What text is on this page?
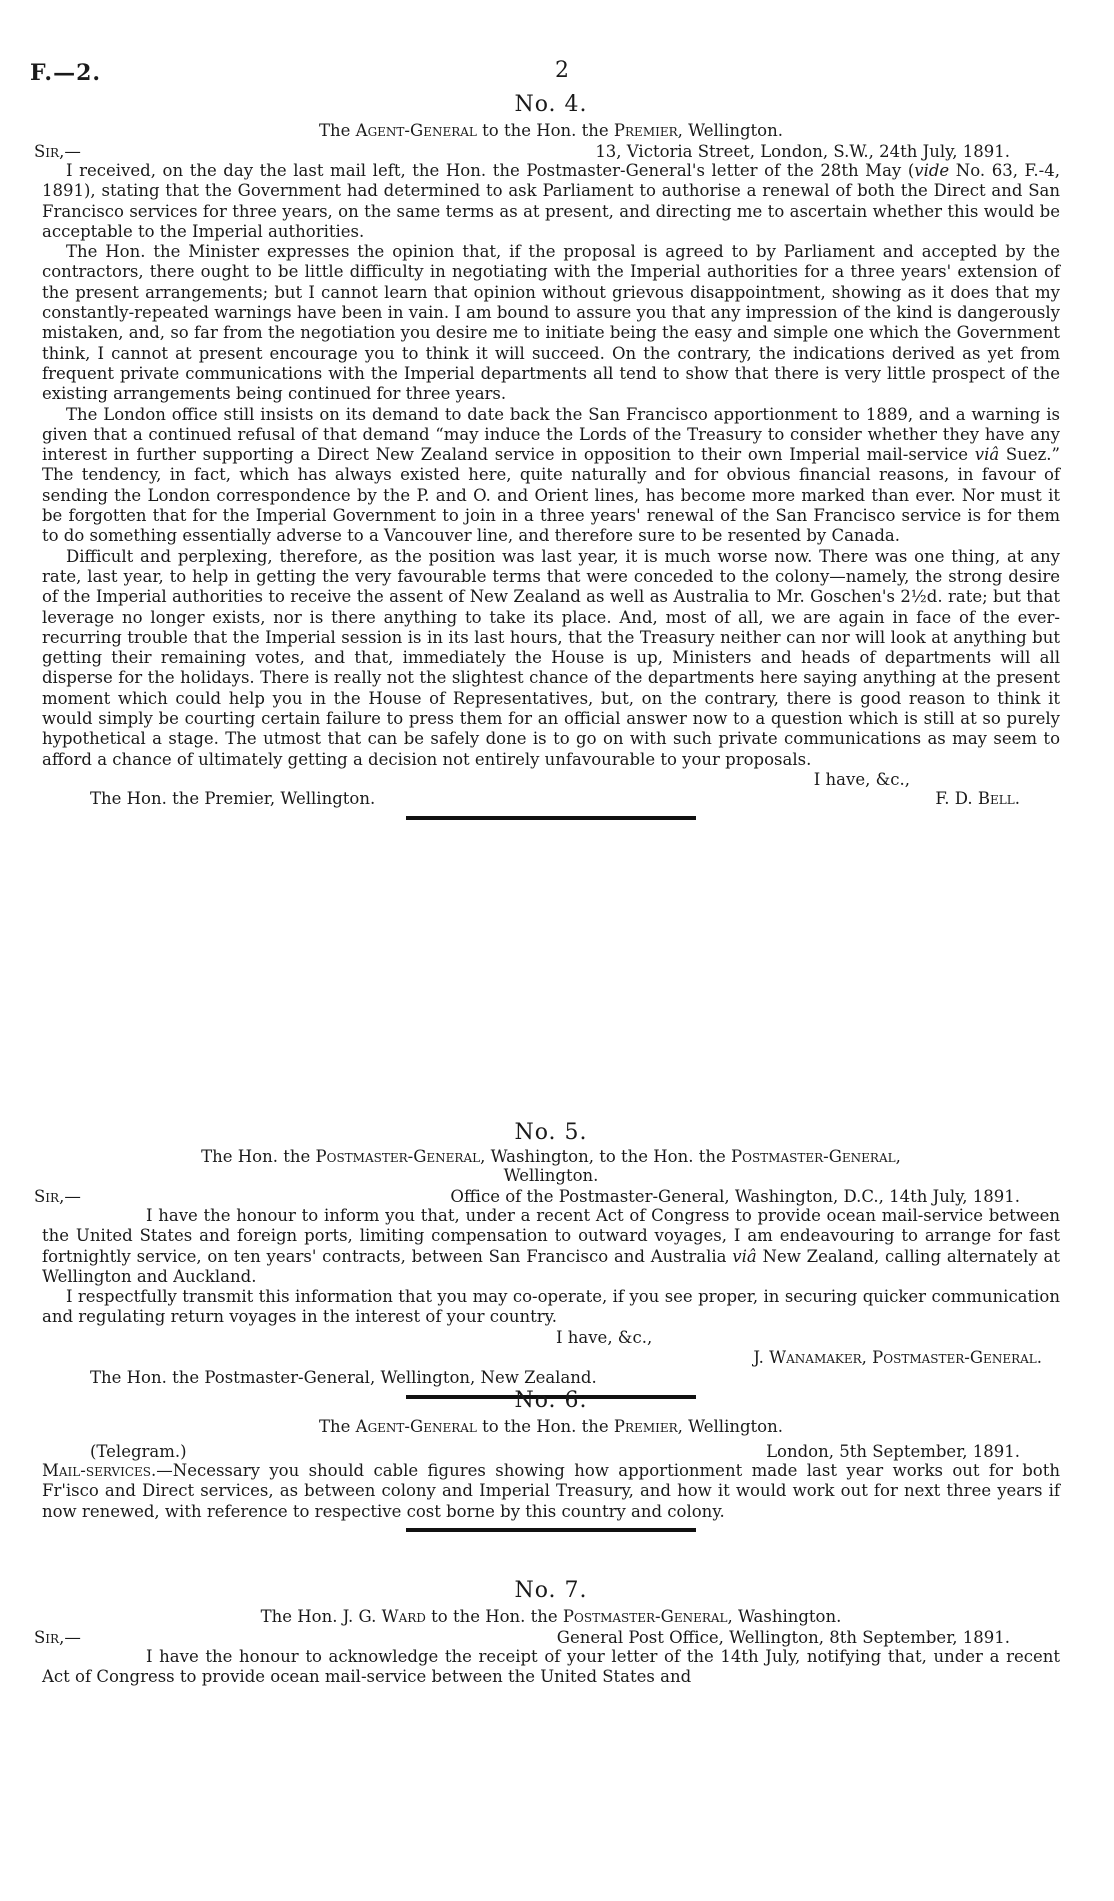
F.—2.	2
No. 4.
The Agent-General to the Hon. the Premier, Wellington.
Sir,—	13, Victoria Street, London, S.W., 24th July, 1891.

I received, on the day the last mail left, the Hon. the Postmaster-General's letter of the 28th May (vide No. 63, F.-4, 1891), stating that the Government had determined to ask Parliament to authorise a renewal of both the Direct and San Francisco services for three years, on the same terms as at present, and directing me to ascertain whether this would be acceptable to the Imperial authorities.

The Hon. the Minister expresses the opinion that, if the proposal is agreed to by Parliament and accepted by the contractors, there ought to be little difficulty in negotiating with the Imperial authorities for a three years' extension of the present arrangements; but I cannot learn that opinion without grievous disappointment, showing as it does that my constantly-repeated warnings have been in vain. I am bound to assure you that any impression of the kind is dangerously mistaken, and, so far from the negotiation you desire me to initiate being the easy and simple one which the Government think, I cannot at present encourage you to think it will succeed. On the contrary, the indications derived as yet from frequent private communications with the Imperial departments all tend to show that there is very little prospect of the existing arrangements being continued for three years.

The London office still insists on its demand to date back the San Francisco apportionment to 1889, and a warning is given that a continued refusal of that demand “may induce the Lords of the Treasury to consider whether they have any interest in further supporting a Direct New Zealand service in opposition to their own Imperial mail-service viâ Suez.” The tendency, in fact, which has always existed here, quite naturally and for obvious financial reasons, in favour of sending the London correspondence by the P. and O. and Orient lines, has become more marked than ever. Nor must it be forgotten that for the Imperial Government to join in a three years' renewal of the San Francisco service is for them to do something essentially adverse to a Vancouver line, and therefore sure to be resented by Canada.

Difficult and perplexing, therefore, as the position was last year, it is much worse now. There was one thing, at any rate, last year, to help in getting the very favourable terms that were conceded to the colony—namely, the strong desire of the Imperial authorities to receive the assent of New Zealand as well as Australia to Mr. Goschen's 2½d. rate; but that leverage no longer exists, nor is there anything to take its place. And, most of all, we are again in face of the ever-recurring trouble that the Imperial session is in its last hours, that the Treasury neither can nor will look at anything but getting their remaining votes, and that, immediately the House is up, Ministers and heads of departments will all disperse for the holidays. There is really not the slightest chance of the departments here saying anything at the present moment which could help you in the House of Representatives, but, on the contrary, there is good reason to think it would simply be courting certain failure to press them for an official answer now to a question which is still at so purely hypothetical a stage. The utmost that can be safely done is to go on with such private communications as may seem to afford a chance of ultimately getting a decision not entirely unfavourable to your proposals.

I have, &c.,
The Hon. the Premier, Wellington.	F. D. Bell.
No. 5.
The Hon. the Postmaster-General, Washington, to the Hon. the Postmaster-General,
Wellington.
Sir,—	Office of the Postmaster-General, Washington, D.C., 14th July, 1891.

I have the honour to inform you that, under a recent Act of Congress to provide ocean mail-service between the United States and foreign ports, limiting compensation to outward voyages, I am endeavouring to arrange for fast fortnightly service, on ten years' contracts, between San Francisco and Australia viâ New Zealand, calling alternately at Wellington and Auckland.

I respectfully transmit this information that you may co-operate, if you see proper, in securing quicker communication and regulating return voyages in the interest of your country.

I have, &c.,
J. Wanamaker, Postmaster-General.
The Hon. the Postmaster-General, Wellington, New Zealand.
No. 6.
The Agent-General to the Hon. the Premier, Wellington.
(Telegram.)	London, 5th September, 1891.

Mail-services.—Necessary you should cable figures showing how apportionment made last year works out for both Fr'isco and Direct services, as between colony and Imperial Treasury, and how it would work out for next three years if now renewed, with reference to respective cost borne by this country and colony.

No. 7.
The Hon. J. G. Ward to the Hon. the Postmaster-General, Washington.
Sir,—	General Post Office, Wellington, 8th September, 1891.

I have the honour to acknowledge the receipt of your letter of the 14th July, notifying that, under a recent Act of Congress to provide ocean mail-service between the United States and
